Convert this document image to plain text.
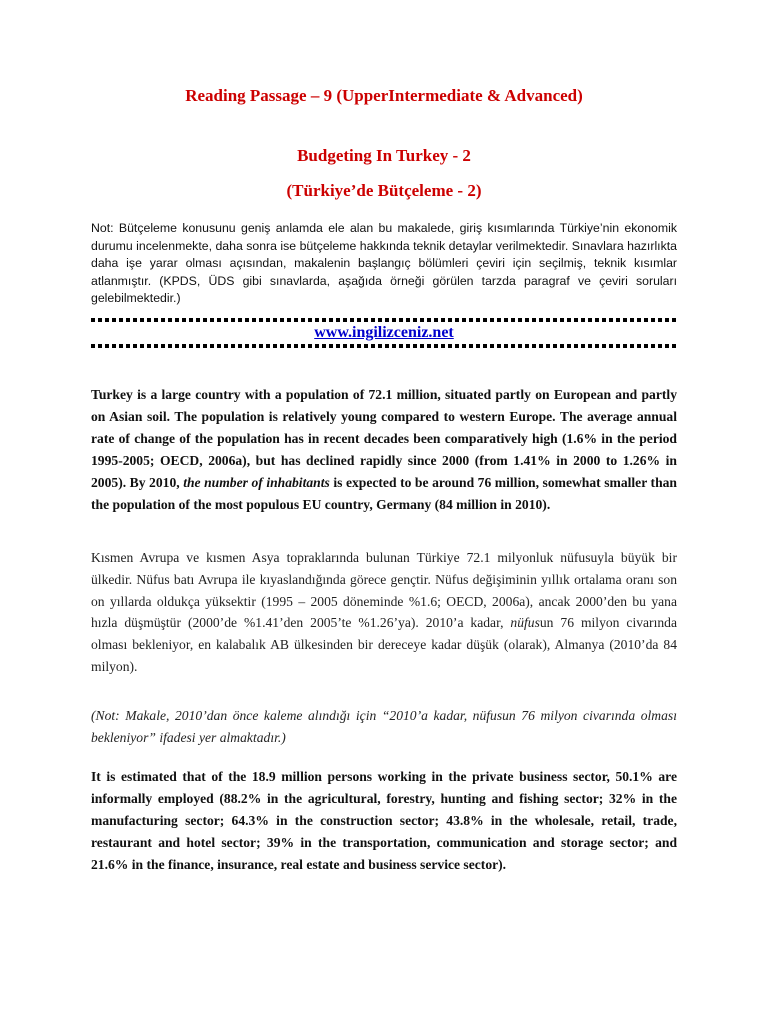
Reading Passage – 9 (UpperIntermediate & Advanced)
Budgeting In Turkey - 2
(Türkiye’de Bütçeleme - 2)
Not: Bütçeleme konusunu geniş anlamda ele alan bu makalede, giriş kısımlarında Türkiye’nin ekonomik durumu incelenmekte, daha sonra ise bütçeleme hakkında teknik detaylar verilmektedir. Sınavlara hazırlıkta daha işe yarar olması açısından, makalenin başlangıç bölümleri çeviri için seçilmiş, teknik kısımlar atlanmıştır. (KPDS, ÜDS gibi sınavlarda, aşağıda örneği görülen tarzda paragraf ve çeviri soruları gelebilmektedir.)
www.ingilizceniz.net
Turkey is a large country with a population of 72.1 million, situated partly on European and partly on Asian soil. The population is relatively young compared to western Europe. The average annual rate of change of the population has in recent decades been comparatively high (1.6% in the period 1995-2005; OECD, 2006a), but has declined rapidly since 2000 (from 1.41% in 2000 to 1.26% in 2005). By 2010, the number of inhabitants is expected to be around 76 million, somewhat smaller than the population of the most populous EU country, Germany (84 million in 2010).
Kısmen Avrupa ve kısmen Asya topraklarında bulunan Türkiye 72.1 milyonluk nüfusuyla büyük bir ülkedir. Nüfus batı Avrupa ile kıyaslandığında görece gençtir. Nüfus değişiminin yıllık ortalama oranı son on yıllarda oldukça yüksektir (1995 – 2005 döneminde %1.6; OECD, 2006a), ancak 2000’den bu yana hızla düşmüştür (2000’de %1.41’den 2005’te %1.26’ya). 2010’a kadar, nüfusun 76 milyon civarında olması bekleniyor, en kalabalık AB ülkesinden bir dereceye kadar düşük (olarak), Almanya (2010’da 84 milyon).
(Not: Makale, 2010’dan önce kaleme alındığı için “2010’a kadar, nüfusun 76 milyon civarında olması bekleniyor” ifadesi yer almaktadır.)
It is estimated that of the 18.9 million persons working in the private business sector, 50.1% are informally employed (88.2% in the agricultural, forestry, hunting and fishing sector; 32% in the manufacturing sector; 64.3% in the construction sector; 43.8% in the wholesale, retail, trade, restaurant and hotel sector; 39% in the transportation, communication and storage sector; and 21.6% in the finance, insurance, real estate and business service sector).
